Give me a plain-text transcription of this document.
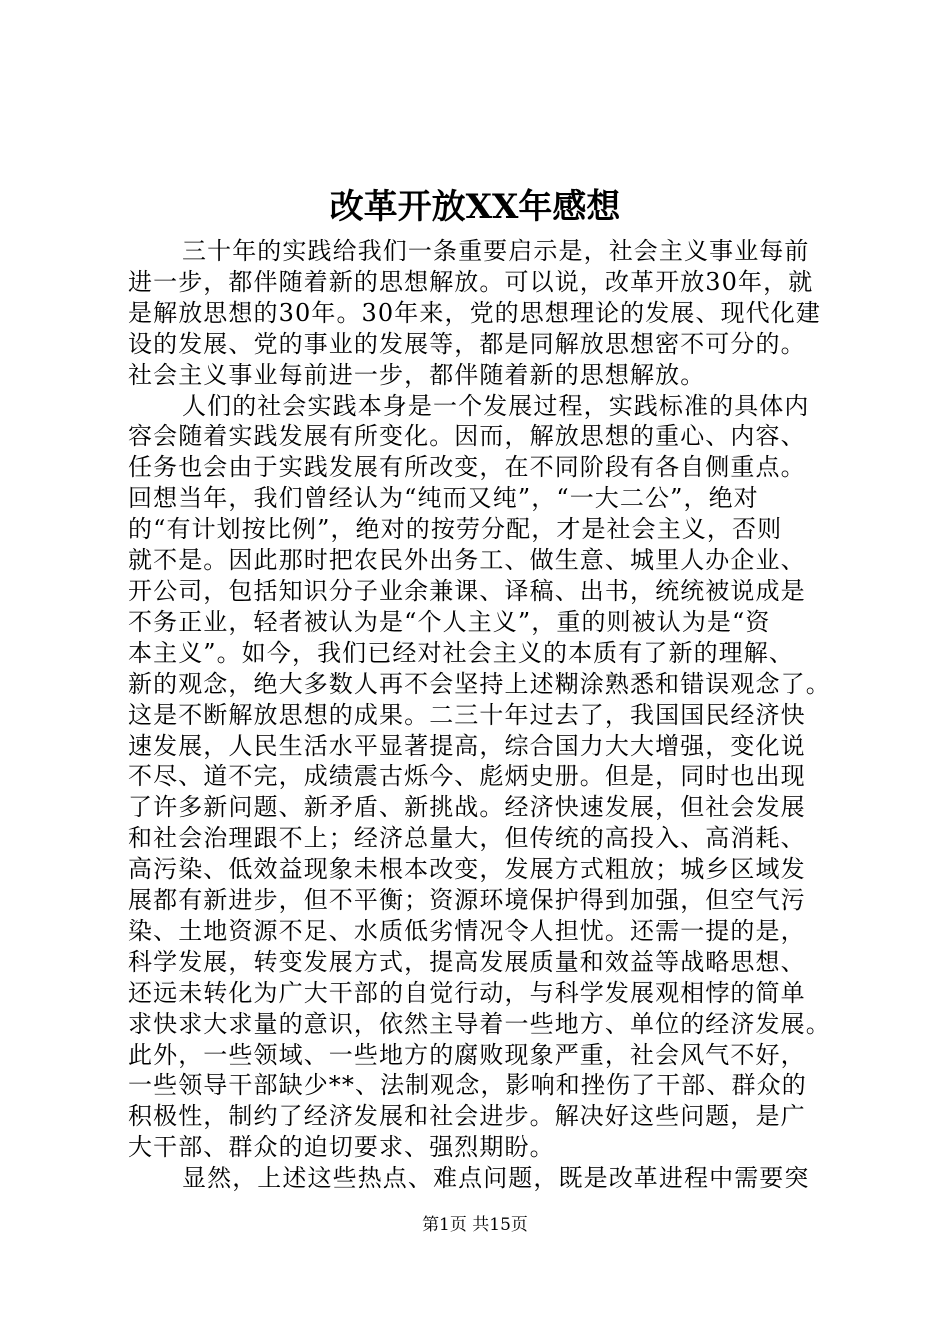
改革开放XX年感想

三十年的实践给我们一条重要启示是，社会主义事业每前
进一步，都伴随着新的思想解放。可以说，改革开放30年，就
是解放思想的30年。30年来，党的思想理论的发展、现代化建
设的发展、党的事业的发展等，都是同解放思想密不可分的。
社会主义事业每前进一步，都伴随着新的思想解放。

人们的社会实践本身是一个发展过程，实践标准的具体内
容会随着实践发展有所变化。因而，解放思想的重心、内容、
任务也会由于实践发展有所改变，在不同阶段有各自侧重点。
回想当年，我们曾经认为“纯而又纯”，“一大二公”，绝对
的“有计划按比例”，绝对的按劳分配，才是社会主义，否则
就不是。因此那时把农民外出务工、做生意、城里人办企业、
开公司，包括知识分子业余兼课、译稿、出书，统统被说成是
不务正业，轻者被认为是“个人主义”，重的则被认为是“资
本主义”。如今，我们已经对社会主义的本质有了新的理解、
新的观念，绝大多数人再不会坚持上述糊涂熟悉和错误观念了。
这是不断解放思想的成果。二三十年过去了，我国国民经济快
速发展，人民生活水平显著提高，综合国力大大增强，变化说
不尽、道不完，成绩震古烁今、彪炳史册。但是，同时也出现
了许多新问题、新矛盾、新挑战。经济快速发展，但社会发展
和社会治理跟不上；经济总量大，但传统的高投入、高消耗、
高污染、低效益现象未根本改变，发展方式粗放；城乡区域发
展都有新进步，但不平衡；资源环境保护得到加强，但空气污
染、土地资源不足、水质低劣情况令人担忧。还需一提的是，
科学发展，转变发展方式，提高发展质量和效益等战略思想、
还远未转化为广大干部的自觉行动，与科学发展观相悖的简单
求快求大求量的意识，依然主导着一些地方、单位的经济发展。
此外，一些领域、一些地方的腐败现象严重，社会风气不好，
一些领导干部缺少**、法制观念，影响和挫伤了干部、群众的
积极性，制约了经济发展和社会进步。解决好这些问题，是广
大干部、群众的迫切要求、强烈期盼。

显然，上述这些热点、难点问题，既是改革进程中需要突

第1页 共15页
